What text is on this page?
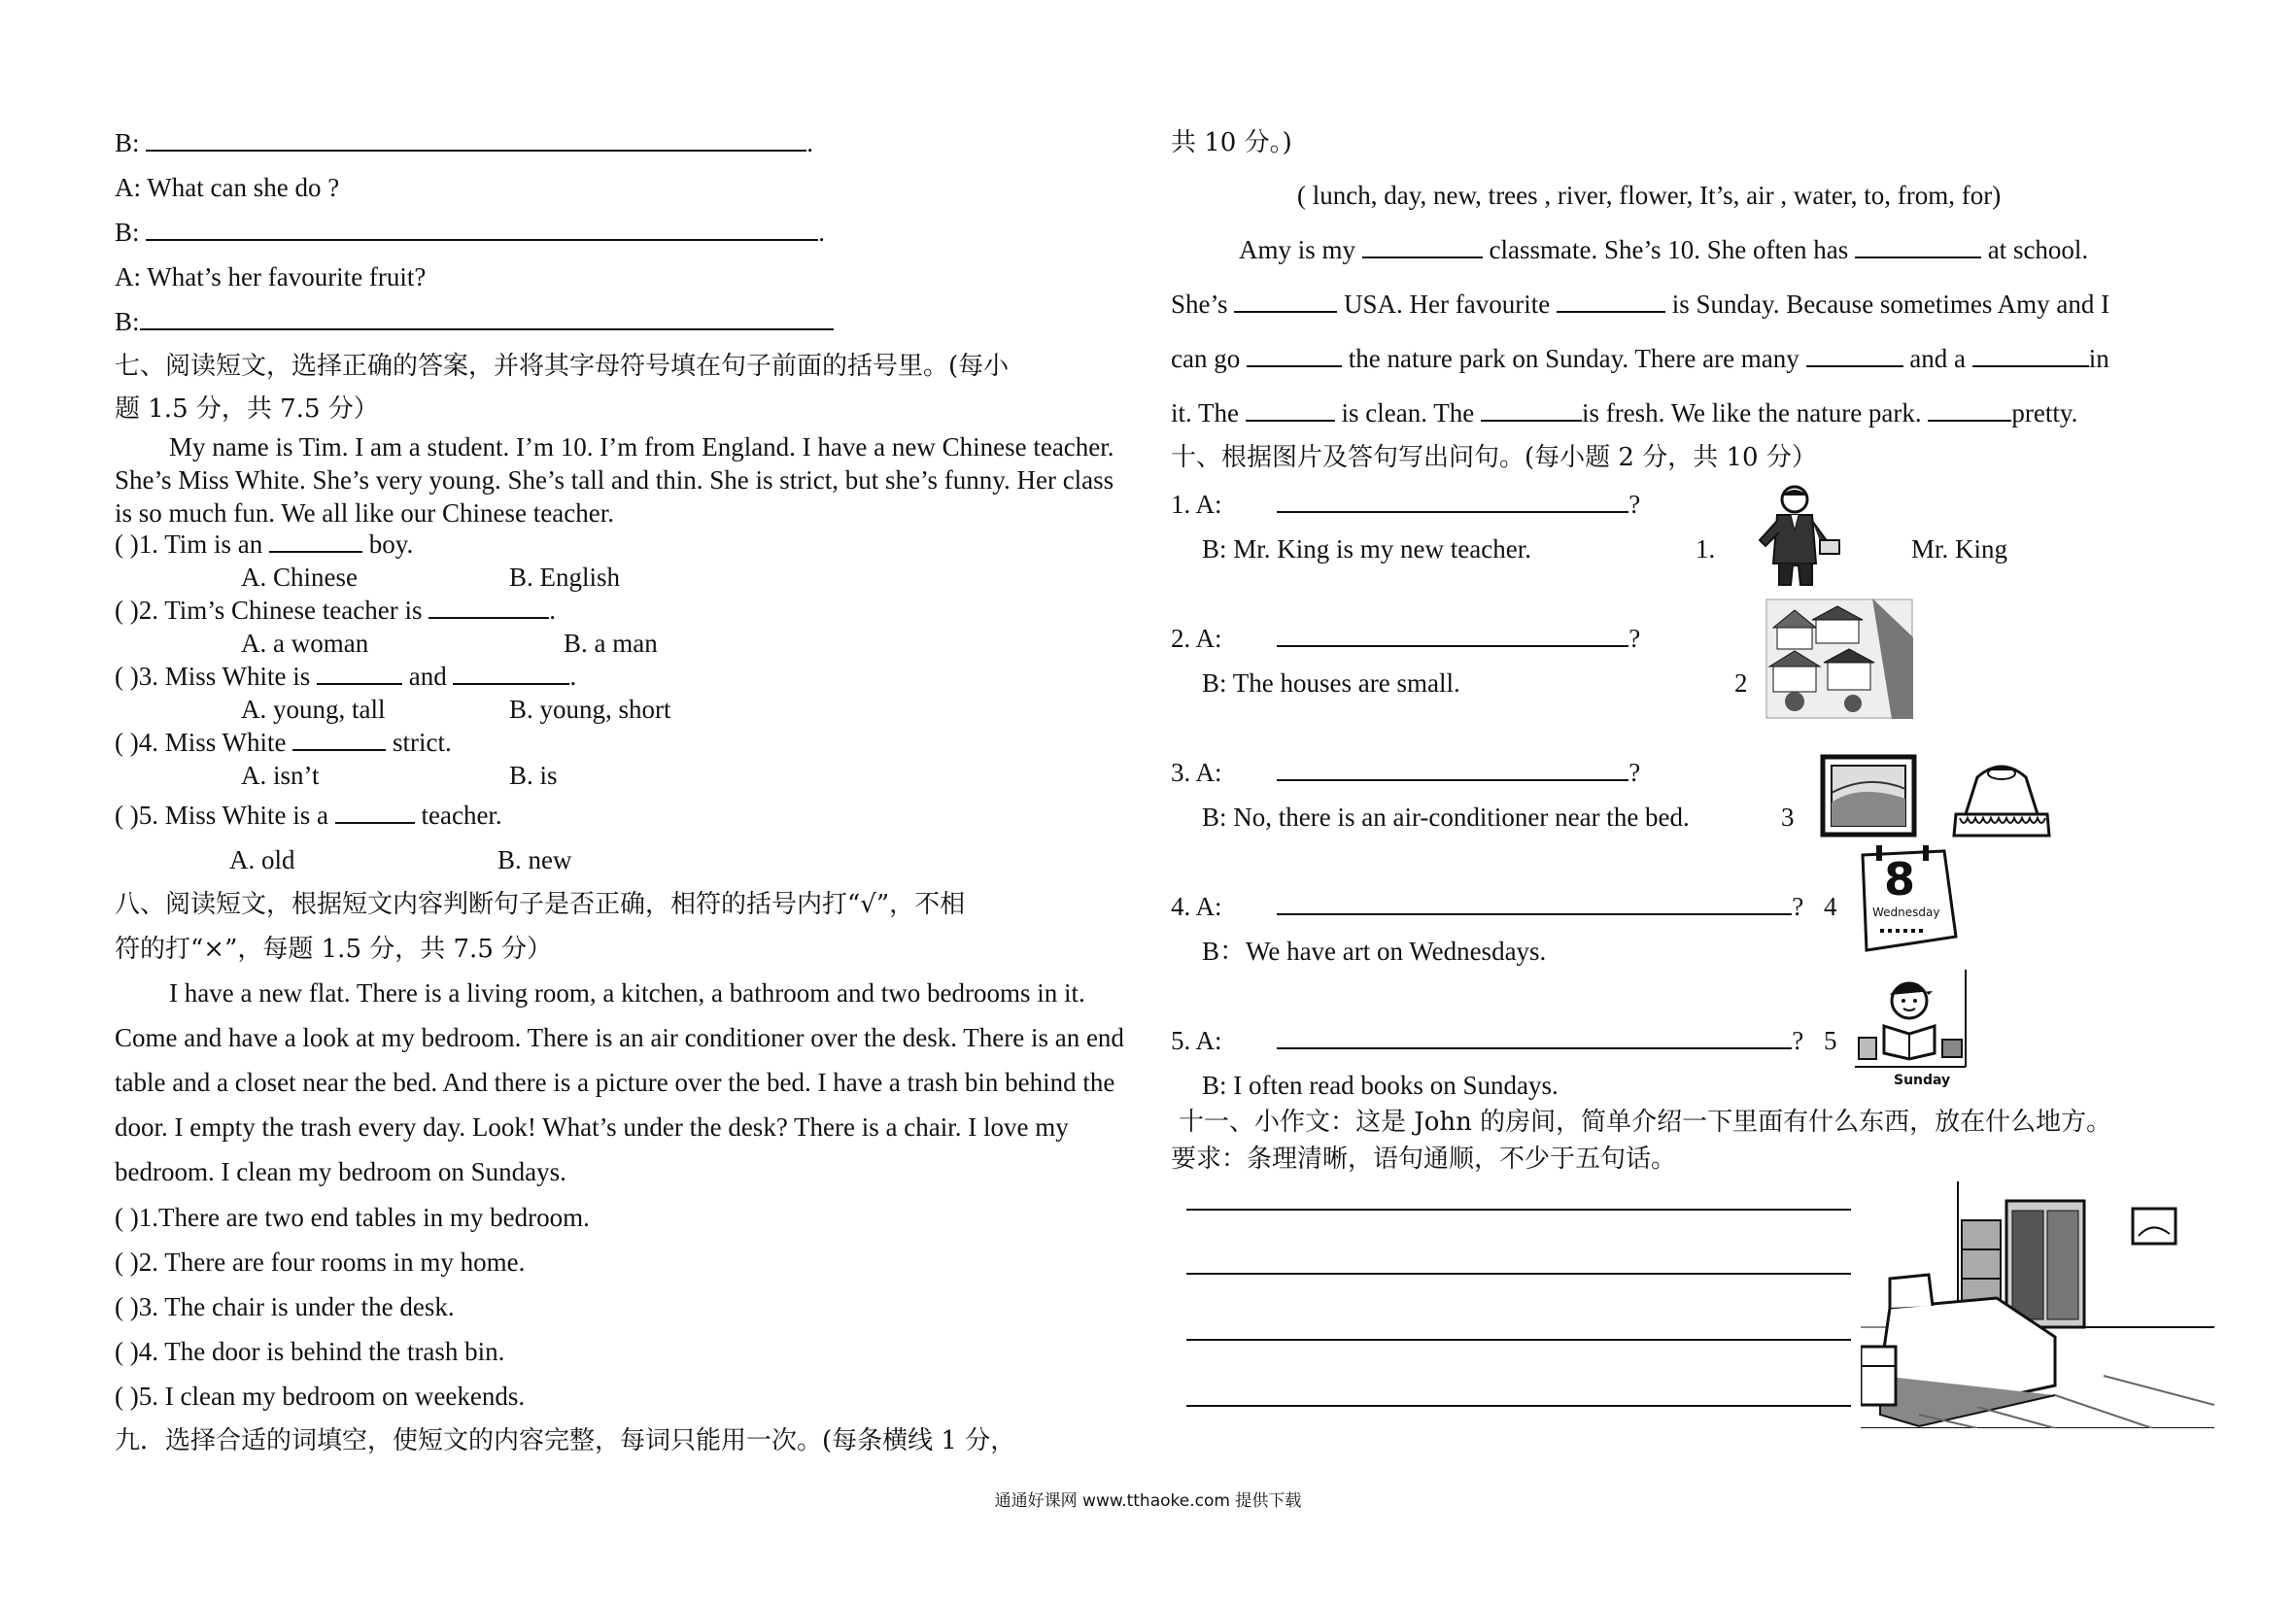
B:	.
A: What can she do ?
B:	.
A: What’s her favourite fruit?
B:
七、阅读短文，选择正确的答案，并将其字母符号填在句子前面的括号里。(每小
题 1.5 分，共 7.5 分）
My name is Tim. I am a student. I’m 10. I’m from England. I have a new Chinese teacher. She’s Miss White. She’s very young. She’s tall and thin. She is strict, but she’s funny. Her class is so much fun. We all like our Chinese teacher.
( )1. Tim is an	boy.
A. Chinese	B. English
( )2. Tim’s Chinese teacher is	.
A. a woman	B. a man
( )3. Miss White is	and	.
A. young, tall	B. young, short
( )4. Miss White	strict.
A. isn’t	B. is
( )5. Miss White is a	teacher.
A. old	B. new
八、阅读短文，根据短文内容判断句子是否正确，相符的括号内打“√”，不相
符的打“×”，每题 1.5 分，共 7.5 分）
I have a new flat. There is a living room, a kitchen, a bathroom and two bedrooms in it. Come and have a look at my bedroom. There is an air conditioner over the desk. There is an end table and a closet near the bed. And there is a picture over the bed. I have a trash bin behind the door. I empty the trash every day. Look! What’s under the desk? There is a chair. I love my bedroom. I clean my bedroom on Sundays.
( )1.There are two end tables in my bedroom.
( )2. There are four rooms in my home.
( )3. The chair is under the desk.
( )4. The door is behind the trash bin.
( )5. I clean my bedroom on weekends.
九．选择合适的词填空，使短文的内容完整，每词只能用一次。(每条横线 1 分，
共 10 分。)
( lunch, day, new, trees , river, flower, It’s, air , water, to, from, for)
Amy is my	classmate. She’s 10. She often has	at school.
She’s	USA. Her favourite	is Sunday. Because sometimes Amy and I
can go	the nature park on Sunday. There are many	and a	in
it. The	is clean. The	is fresh. We like the nature park.	pretty.
十、根据图片及答句写出问句。(每小题 2 分，共 10 分）
1. A:	?
B: Mr. King is my new teacher.	1.	Mr. King
2. A:	?
B: The houses are small.	2
3. A:	?
B: No, there is an air-conditioner near the bed.	3
4. A:	? 4
B：We have art on Wednesdays.
8
Wednesday
5. A:	? 5
B: I often read books on Sundays.	Sunday
十一、小作文：这是 John 的房间，简单介绍一下里面有什么东西，放在什么地方。
要求：条理清晰，语句通顺，不少于五句话。
通通好课网 www.tthaoke.com 提供下载
